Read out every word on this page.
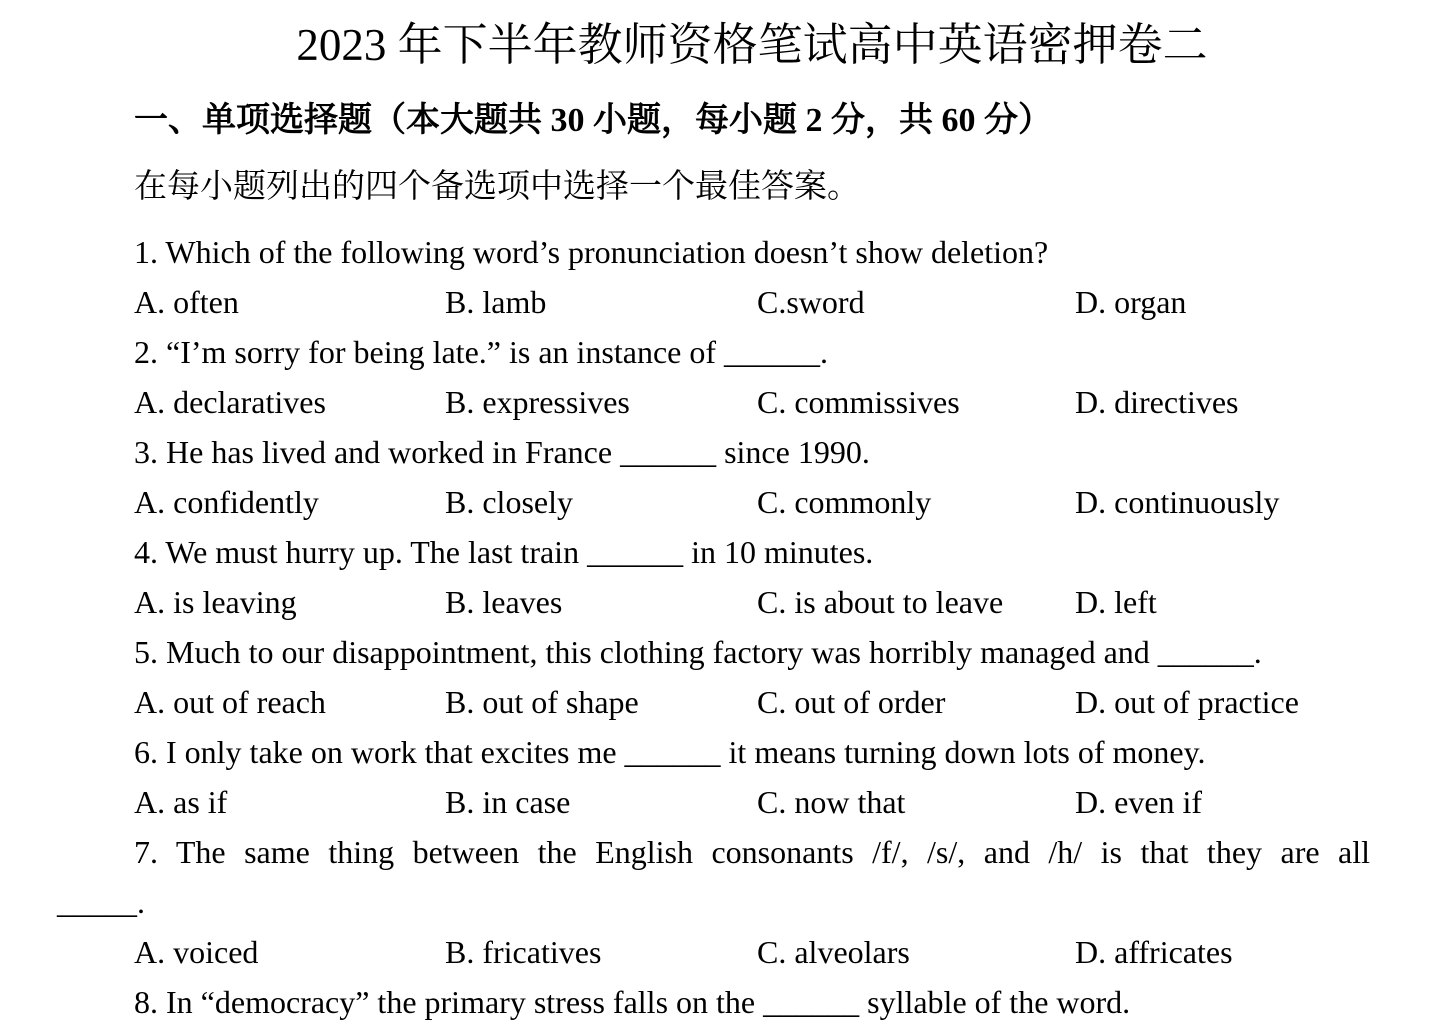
2023 年下半年教师资格笔试高中英语密押卷二
一、单项选择题（本大题共 30 小题，每小题 2 分，共 60 分）

在每小题列出的四个备选项中选择一个最佳答案。

1. Which of the following word’s pronunciation doesn’t show deletion?
A. often	B. lamb	C.sword	D. organ
2. “I’m sorry for being late.” is an instance of ______.
A. declaratives	B. expressives	C. commissives	D. directives
3. He has lived and worked in France ______ since 1990.
A. confidently	B. closely	C. commonly	D. continuously
4. We must hurry up. The last train ______ in 10 minutes.
A. is leaving	B. leaves	C. is about to leave	D. left
5. Much to our disappointment, this clothing factory was horribly managed and ______.
A. out of reach	B. out of shape	C. out of order	D. out of practice
6. I only take on work that excites me ______ it means turning down lots of money.
A. as if	B. in case	C. now that	D. even if
7. The same thing between the English consonants /f/, /s/, and /h/ is that they are all
_____.
A. voiced	B. fricatives	C. alveolars	D. affricates
8. In “democracy” the primary stress falls on the ______ syllable of the word.
